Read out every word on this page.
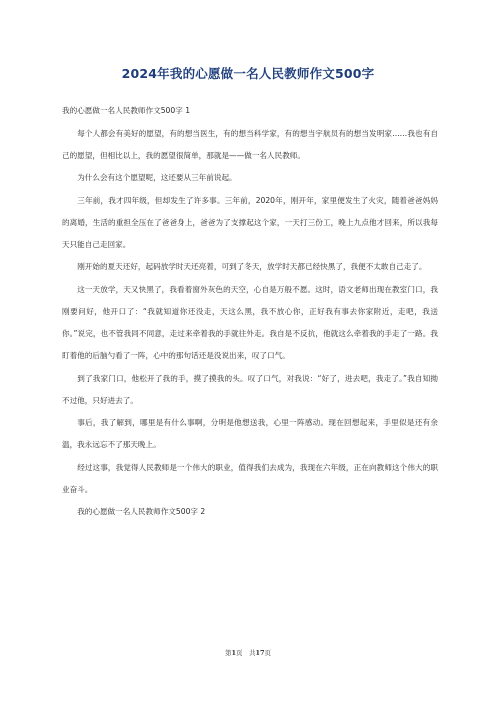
2024年我的心愿做一名人民教师作文500字

我的心愿做一名人民教师作文500字 1

每个人都会有美好的愿望，有的想当医生，有的想当科学家，有的想当宇航员有的想当发明家……我也有自己的愿望，但相比以上，我的愿望很简单，那就是——做一名人民教师。

为什么会有这个愿望呢，这还要从三年前说起。

三年前，我才四年级，但却发生了许多事。三年前，2020年，刚开年，家里便发生了火灾，随着爸爸妈妈的离婚，生活的重担全压在了爸爸身上，爸爸为了支撑起这个家，一天打三份工，晚上九点他才回来，所以我每天只能自己走回家。

刚开始的夏天还好，起码放学时天还亮着，可到了冬天，放学时天都已经快黑了，我便不太敢自己走了。

这一天放学，天又快黑了，我看着窗外灰色的天空，心自是万般不愿。这时，语文老师出现在教室门口，我刚要问好，他开口了：“我就知道你还没走，天这么黑，我不放心你，正好我有事去你家附近，走吧，我送你。”说完，也不管我同不同意，走过来牵着我的手就往外走。我自是不反抗，他就这么牵着我的手走了一路。我盯着他的后脑勺看了一阵，心中的那句话还是没说出来，叹了口气。

到了我家门口，他松开了我的手，摸了摸我的头。叹了口气，对我说：“好了，进去吧，我走了。”我自知拗不过他，只好进去了。

事后，我了解到，哪里是有什么事啊，分明是他想送我，心里一阵感动。现在回想起来，手里似是还有余温，我永远忘不了那天晚上。

经过这事，我觉得人民教师是一个伟大的职业，值得我们去成为，我现在六年级，正在向教师这个伟大的职业奋斗。

我的心愿做一名人民教师作文500字 2

第1页　共17页
